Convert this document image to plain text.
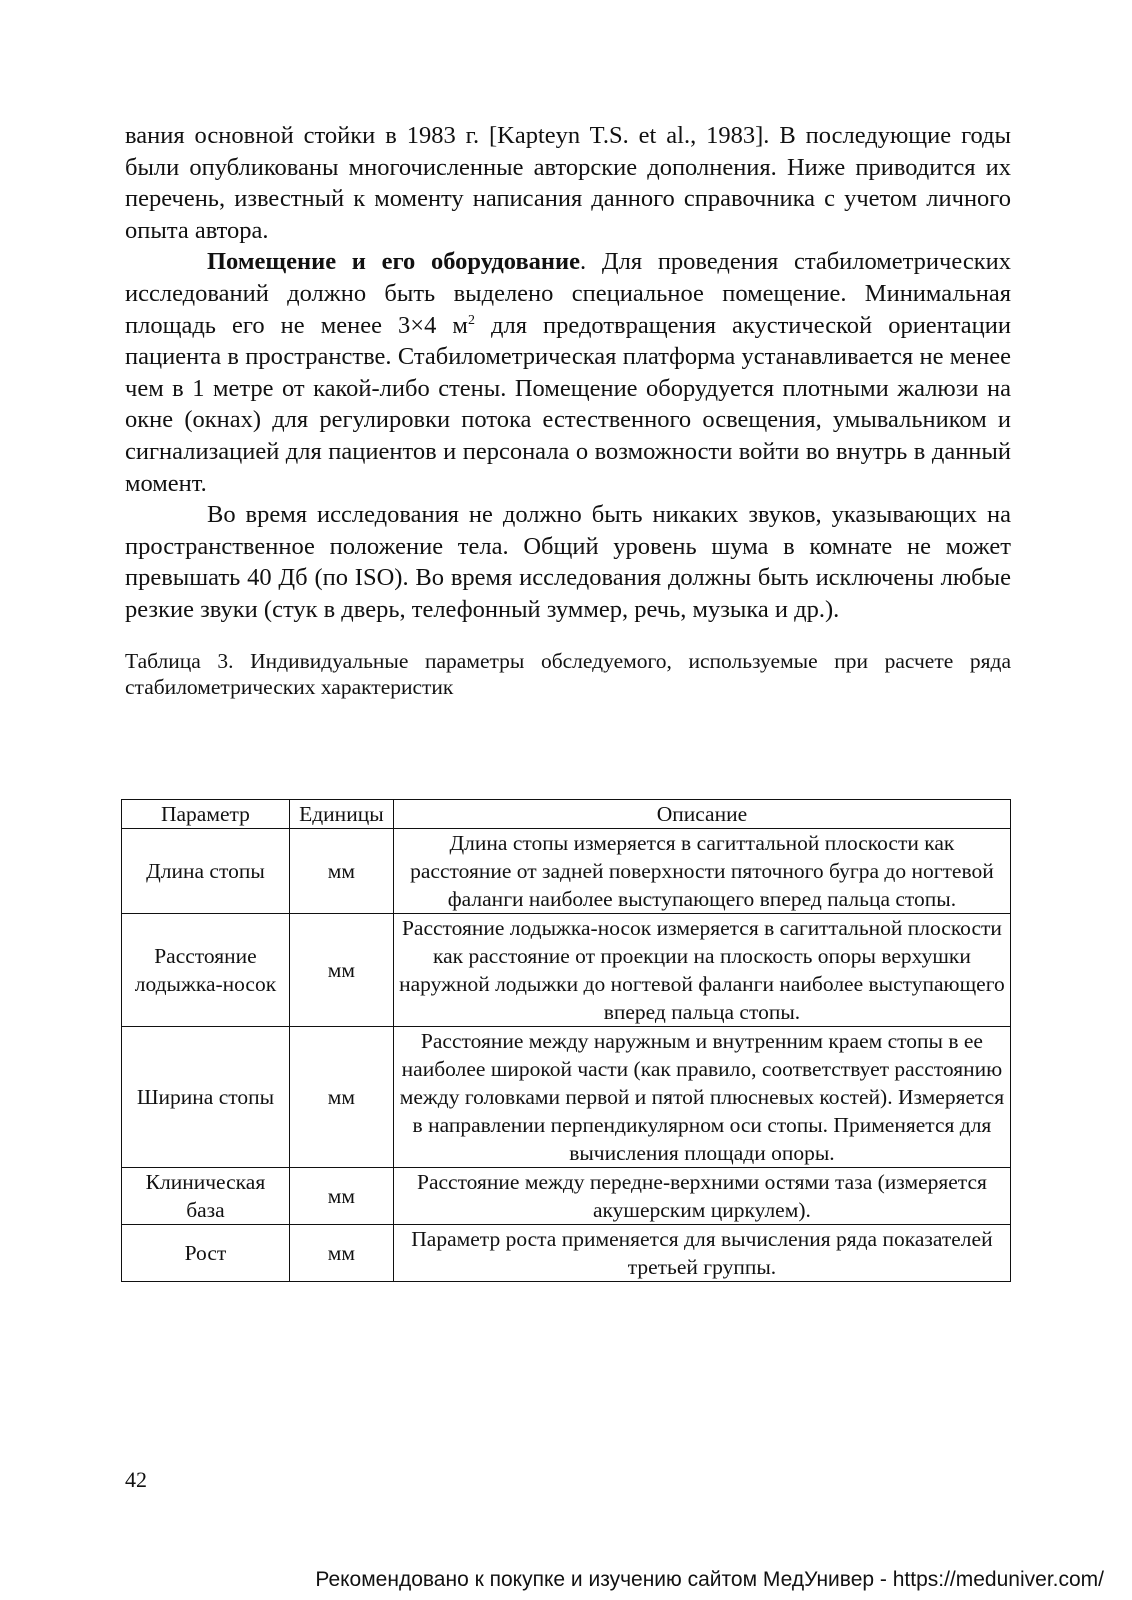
вания основной стойки в 1983 г. [Kapteyn T.S. et al., 1983]. В последующие годы были опубликованы многочисленные авторские дополнения. Ниже приводится их перечень, известный к моменту написания данного справочника с учетом личного опыта автора.

Помещение и его оборудование. Для проведения стабилометрических исследований должно быть выделено специальное помещение. Минимальная площадь его не менее 3×4 $м^2$ для предотвращения акустической ориентации пациента в пространстве. Стабилометрическая платформа устанавливается не менее чем в 1 метре от какой-либо стены. Помещение оборудуется плотными жалюзи на окне (окнах) для регулировки потока естественного освещения, умывальником и сигнализацией для пациентов и персонала о возможности войти во внутрь в данный момент.

Во время исследования не должно быть никаких звуков, указывающих на пространственное положение тела. Общий уровень шума в комнате не может превышать 40 Дб (по ISO). Во время исследования должны быть исключены любые резкие звуки (стук в дверь, телефонный зуммер, речь, музыка и др.).

Таблица 3. Индивидуальные параметры обследуемого, используемые при расчете ряда стабилометрических характеристик

Параметр	Единицы	Описание
Длина стопы	мм	Длина стопы измеряется в сагиттальной плоскости как расстояние от задней поверхности пяточного бугра до ногтевой фаланги наиболее выступающего вперед пальца стопы.
Расстояние лодыжка-носок	мм	Расстояние лодыжка-носок измеряется в сагиттальной плоскости как расстояние от проекции на плоскость опоры верхушки наружной лодыжки до ногтевой фаланги наиболее выступающего вперед пальца стопы.
Ширина стопы	мм	Расстояние между наружным и внутренним краем стопы в ее наиболее широкой части (как правило, соответствует расстоянию между головками первой и пятой плюсневых костей). Измеряется в направлении перпендикулярном оси стопы. Применяется для вычисления площади опоры.
Клиническая база	мм	Расстояние между передне-верхними остями таза (измеряется акушерским циркулем).
Рост	мм	Параметр роста применяется для вычисления ряда показателей третьей группы.
42
Рекомендовано к покупке и изучению сайтом МедУнивер - https://meduniver.com/
